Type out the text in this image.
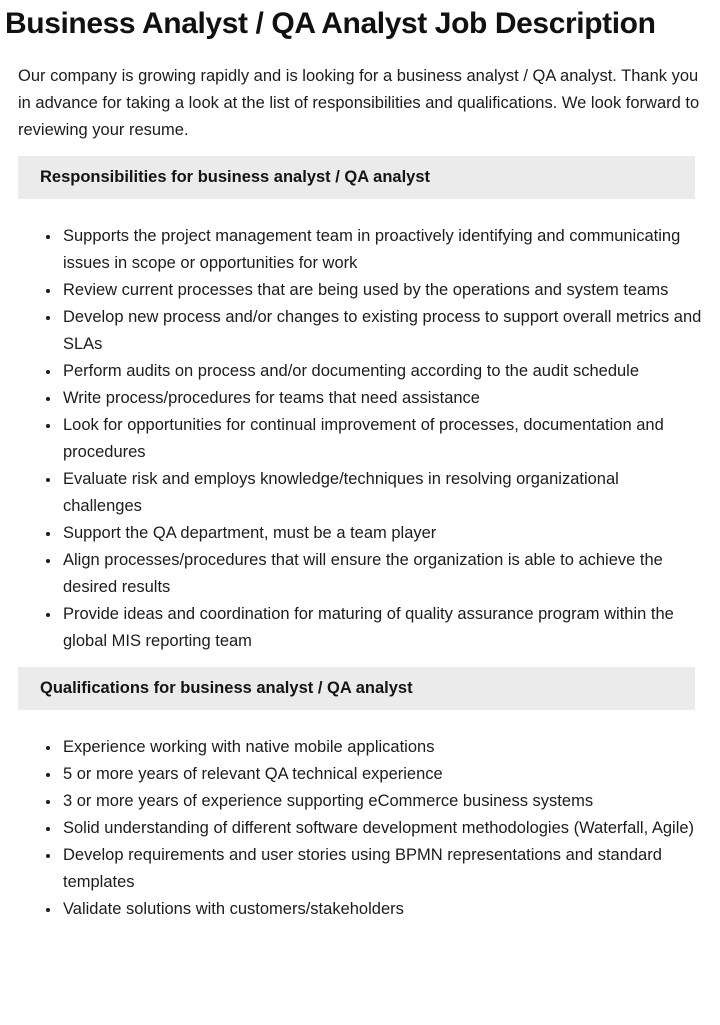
Business Analyst / QA Analyst Job Description

Our company is growing rapidly and is looking for a business analyst / QA analyst. Thank you in advance for taking a look at the list of responsibilities and qualifications. We look forward to reviewing your resume.

Responsibilities for business analyst / QA analyst
• Supports the project management team in proactively identifying and communicating issues in scope or opportunities for work
• Review current processes that are being used by the operations and system teams
• Develop new process and/or changes to existing process to support overall metrics and SLAs
• Perform audits on process and/or documenting according to the audit schedule
• Write process/procedures for teams that need assistance
• Look for opportunities for continual improvement of processes, documentation and procedures
• Evaluate risk and employs knowledge/techniques in resolving organizational challenges
• Support the QA department, must be a team player
• Align processes/procedures that will ensure the organization is able to achieve the desired results
• Provide ideas and coordination for maturing of quality assurance program within the global MIS reporting team
Qualifications for business analyst / QA analyst
• Experience working with native mobile applications
• 5 or more years of relevant QA technical experience
• 3 or more years of experience supporting eCommerce business systems
• Solid understanding of different software development methodologies (Waterfall, Agile)
• Develop requirements and user stories using BPMN representations and standard templates
• Validate solutions with customers/stakeholders
